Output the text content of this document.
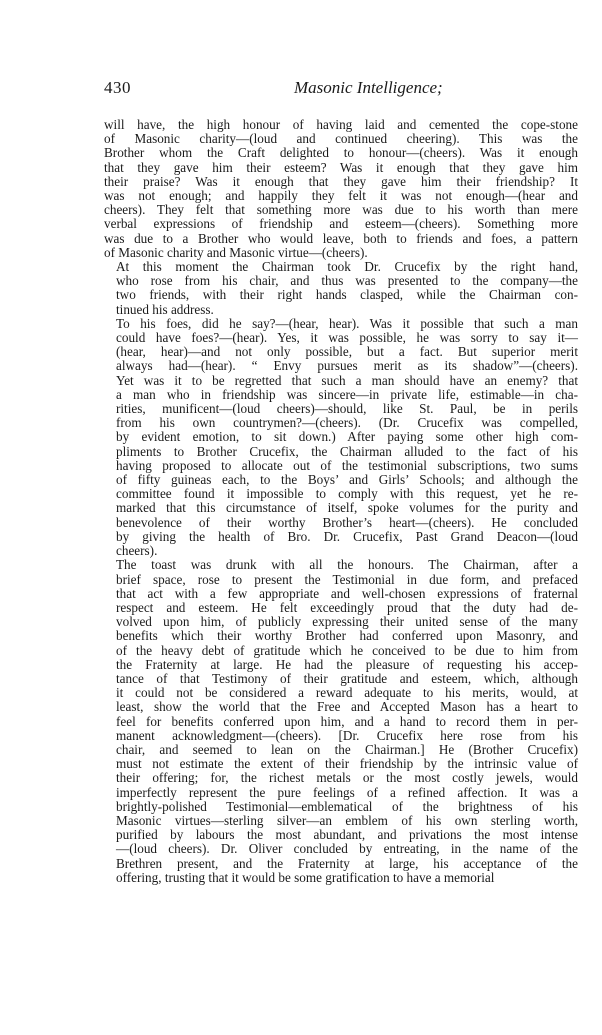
430	Masonic Intelligence;

will have, the high honour of having laid and cemented the cope-stone
of Masonic charity—(loud and continued cheering). This was the
Brother whom the Craft delighted to honour—(cheers). Was it enough
that they gave him their esteem? Was it enough that they gave him
their praise? Was it enough that they gave him their friendship? It
was not enough; and happily they felt it was not enough—(hear and
cheers). They felt that something more was due to his worth than mere
verbal expressions of friendship and esteem—(cheers). Something more
was due to a Brother who would leave, both to friends and foes, a pattern
of Masonic charity and Masonic virtue—(cheers).

At this moment the Chairman took Dr. Crucefix by the right hand,
who rose from his chair, and thus was presented to the company—the
two friends, with their right hands clasped, while the Chairman con-
tinued his address.

To his foes, did he say?—(hear, hear). Was it possible that such a man
could have foes?—(hear). Yes, it was possible, he was sorry to say it—
(hear, hear)—and not only possible, but a fact. But superior merit
always had—(hear). “ Envy pursues merit as its shadow”—(cheers).
Yet was it to be regretted that such a man should have an enemy? that
a man who in friendship was sincere—in private life, estimable—in cha-
rities, munificent—(loud cheers)—should, like St. Paul, be in perils
from his own countrymen?—(cheers). (Dr. Crucefix was compelled,
by evident emotion, to sit down.) After paying some other high com-
pliments to Brother Crucefix, the Chairman alluded to the fact of his
having proposed to allocate out of the testimonial subscriptions, two sums
of fifty guineas each, to the Boys’ and Girls’ Schools; and although the
committee found it impossible to comply with this request, yet he re-
marked that this circumstance of itself, spoke volumes for the purity and
benevolence of their worthy Brother’s heart—(cheers). He concluded
by giving the health of Bro. Dr. Crucefix, Past Grand Deacon—(loud
cheers).

The toast was drunk with all the honours. The Chairman, after a
brief space, rose to present the Testimonial in due form, and prefaced
that act with a few appropriate and well-chosen expressions of fraternal
respect and esteem. He felt exceedingly proud that the duty had de-
volved upon him, of publicly expressing their united sense of the many
benefits which their worthy Brother had conferred upon Masonry, and
of the heavy debt of gratitude which he conceived to be due to him from
the Fraternity at large. He had the pleasure of requesting his accep-
tance of that Testimony of their gratitude and esteem, which, although
it could not be considered a reward adequate to his merits, would, at
least, show the world that the Free and Accepted Mason has a heart to
feel for benefits conferred upon him, and a hand to record them in per-
manent acknowledgment—(cheers). [Dr. Crucefix here rose from his
chair, and seemed to lean on the Chairman.] He (Brother Crucefix)
must not estimate the extent of their friendship by the intrinsic value of
their offering; for, the richest metals or the most costly jewels, would
imperfectly represent the pure feelings of a refined affection. It was a
brightly-polished Testimonial—emblematical of the brightness of his
Masonic virtues—sterling silver—an emblem of his own sterling worth,
purified by labours the most abundant, and privations the most intense
—(loud cheers). Dr. Oliver concluded by entreating, in the name of the
Brethren present, and the Fraternity at large, his acceptance of the
offering, trusting that it would be some gratification to have a memorial
